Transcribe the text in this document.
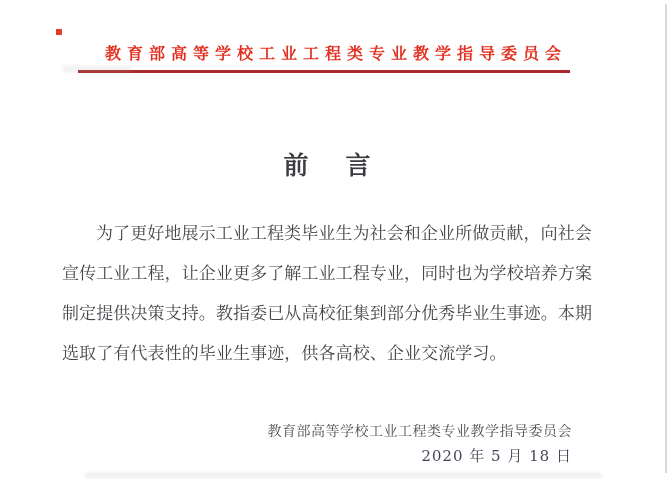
教育部高等学校工业工程类专业教学指导委员会
前　言
为了更好地展示工业工程类毕业生为社会和企业所做贡献，向社会
宣传工业工程，让企业更多了解工业工程专业，同时也为学校培养方案
制定提供决策支持。教指委已从高校征集到部分优秀毕业生事迹。本期
选取了有代表性的毕业生事迹，供各高校、企业交流学习。
教育部高等学校工业工程类专业教学指导委员会
2020 年 5 月 18 日
